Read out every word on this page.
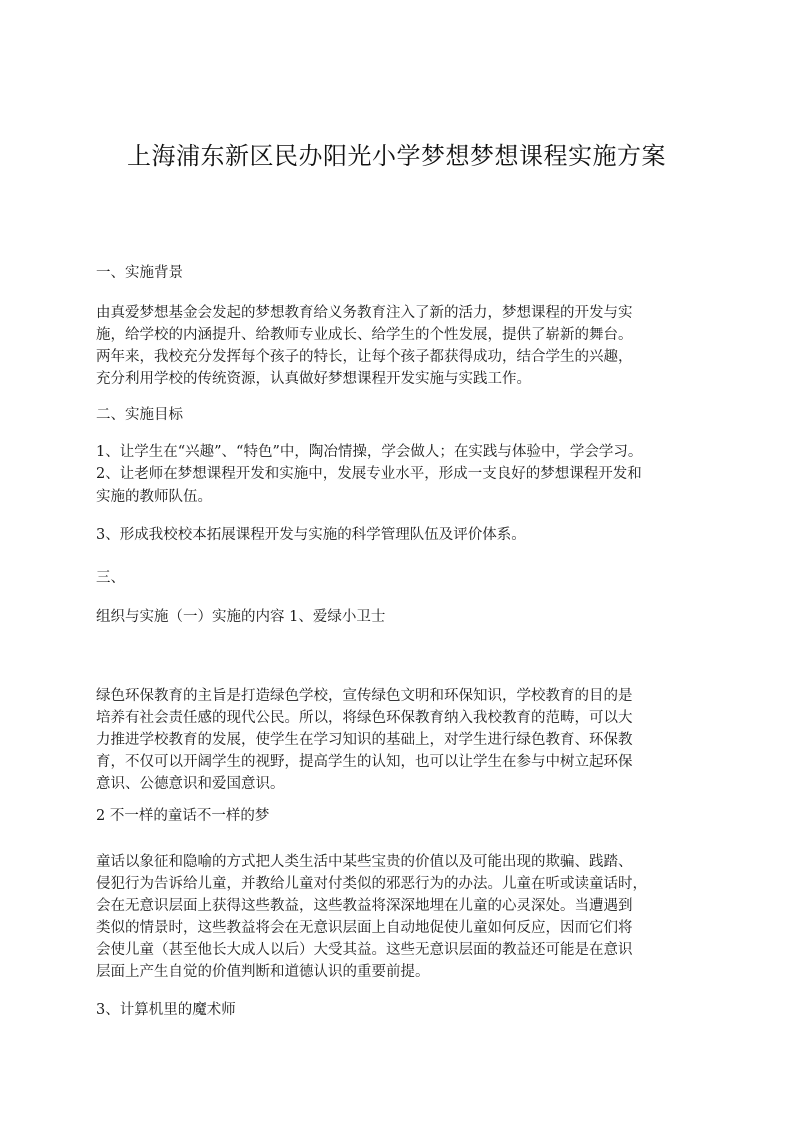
上海浦东新区民办阳光小学梦想梦想课程实施方案
一、实施背景
由真爱梦想基金会发起的梦想教育给义务教育注入了新的活力，梦想课程的开发与实
施，给学校的内涵提升、给教师专业成长、给学生的个性发展，提供了崭新的舞台。
两年来，我校充分发挥每个孩子的特长，让每个孩子都获得成功，结合学生的兴趣，
充分利用学校的传统资源，认真做好梦想课程开发实施与实践工作。
二、实施目标
1、让学生在“兴趣”、“特色”中，陶冶情操，学会做人；在实践与体验中，学会学习。
2、让老师在梦想课程开发和实施中，发展专业水平，形成一支良好的梦想课程开发和
实施的教师队伍。
3、形成我校校本拓展课程开发与实施的科学管理队伍及评价体系。
三、
组织与实施（一）实施的内容 1、爱绿小卫士
绿色环保教育的主旨是打造绿色学校，宣传绿色文明和环保知识，学校教育的目的是
培养有社会责任感的现代公民。所以，将绿色环保教育纳入我校教育的范畴，可以大
力推进学校教育的发展，使学生在学习知识的基础上，对学生进行绿色教育、环保教
育，不仅可以开阔学生的视野，提高学生的认知，也可以让学生在参与中树立起环保
意识、公德意识和爱国意识。
2 不一样的童话不一样的梦
童话以象征和隐喻的方式把人类生活中某些宝贵的价值以及可能出现的欺骗、践踏、
侵犯行为告诉给儿童，并教给儿童对付类似的邪恶行为的办法。儿童在听或读童话时，
会在无意识层面上获得这些教益，这些教益将深深地埋在儿童的心灵深处。当遭遇到
类似的情景时，这些教益将会在无意识层面上自动地促使儿童如何反应，因而它们将
会使儿童（甚至他长大成人以后）大受其益。这些无意识层面的教益还可能是在意识
层面上产生自觉的价值判断和道德认识的重要前提。
3、计算机里的魔术师
